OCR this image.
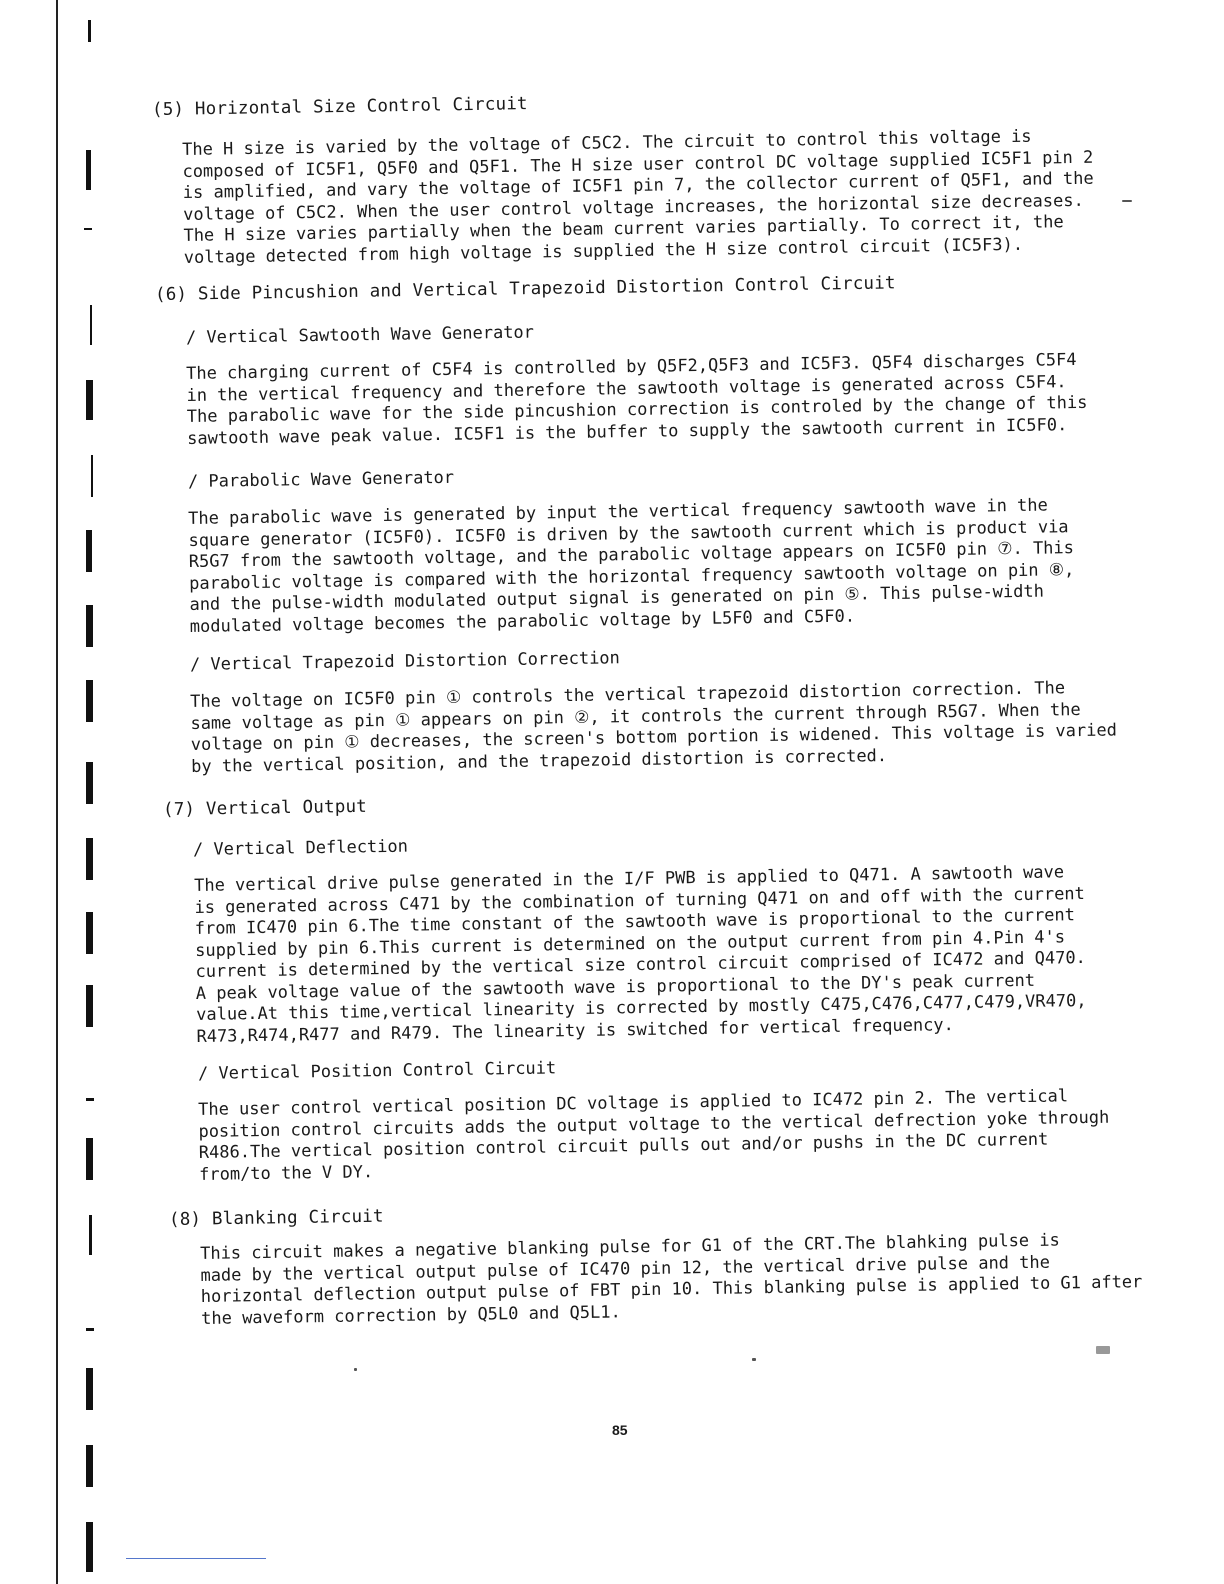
(5) Horizontal Size Control Circuit
The H size is varied by the voltage of C5C2. The circuit to control this voltage is
composed of IC5F1, Q5F0 and Q5F1. The H size user control DC voltage supplied IC5F1 pin 2
is amplified, and vary the voltage of IC5F1 pin 7, the collector current of Q5F1, and the
voltage of C5C2. When the user control voltage increases, the horizontal size decreases.
The H size varies partially when the beam current varies partially. To correct it, the
voltage detected from high voltage is supplied the H size control circuit (IC5F3).
(6) Side Pincushion and Vertical Trapezoid Distortion Control Circuit
/ Vertical Sawtooth Wave Generator
The charging current of C5F4 is controlled by Q5F2,Q5F3 and IC5F3. Q5F4 discharges C5F4
in the vertical frequency and therefore the sawtooth voltage is generated across C5F4.
The parabolic wave for the side pincushion correction is controled by the change of this
sawtooth wave peak value. IC5F1 is the buffer to supply the sawtooth current in IC5F0.
/ Parabolic Wave Generator
The parabolic wave is generated by input the vertical frequency sawtooth wave in the
square generator (IC5F0). IC5F0 is driven by the sawtooth current which is product via
R5G7 from the sawtooth voltage, and the parabolic voltage appears on IC5F0 pin ⑦. This
parabolic voltage is compared with the horizontal frequency sawtooth voltage on pin ⑧,
and the pulse-width modulated output signal is generated on pin ⑤. This pulse-width
modulated voltage becomes the parabolic voltage by L5F0 and C5F0.
/ Vertical Trapezoid Distortion Correction
The voltage on IC5F0 pin ① controls the vertical trapezoid distortion correction. The
same voltage as pin ① appears on pin ②, it controls the current through R5G7. When the
voltage on pin ① decreases, the screen's bottom portion is widened. This voltage is varied
by the vertical position, and the trapezoid distortion is corrected.
(7) Vertical Output
/ Vertical Deflection
The vertical drive pulse generated in the I/F PWB is applied to Q471. A sawtooth wave
is generated across C471 by the combination of turning Q471 on and off with the current
from IC470 pin 6.The time constant of the sawtooth wave is proportional to the current
supplied by pin 6.This current is determined on the output current from pin 4.Pin 4's
current is determined by the vertical size control circuit comprised of IC472 and Q470.
A peak voltage value of the sawtooth wave is proportional to the DY's peak current
value.At this time,vertical linearity is corrected by mostly C475,C476,C477,C479,VR470,
R473,R474,R477 and R479. The linearity is switched for vertical frequency.
/ Vertical Position Control Circuit
The user control vertical position DC voltage is applied to IC472 pin 2. The vertical
position control circuits adds the output voltage to the vertical defrection yoke through
R486.The vertical position control circuit pulls out and/or pushs in the DC current
from/to the V DY.
(8) Blanking Circuit
This circuit makes a negative blanking pulse for G1 of the CRT.The blahking pulse is
made by the vertical output pulse of IC470 pin 12, the vertical drive pulse and the
horizontal deflection output pulse of FBT pin 10. This blanking pulse is applied to G1 after
the waveform correction by Q5L0 and Q5L1.
85
